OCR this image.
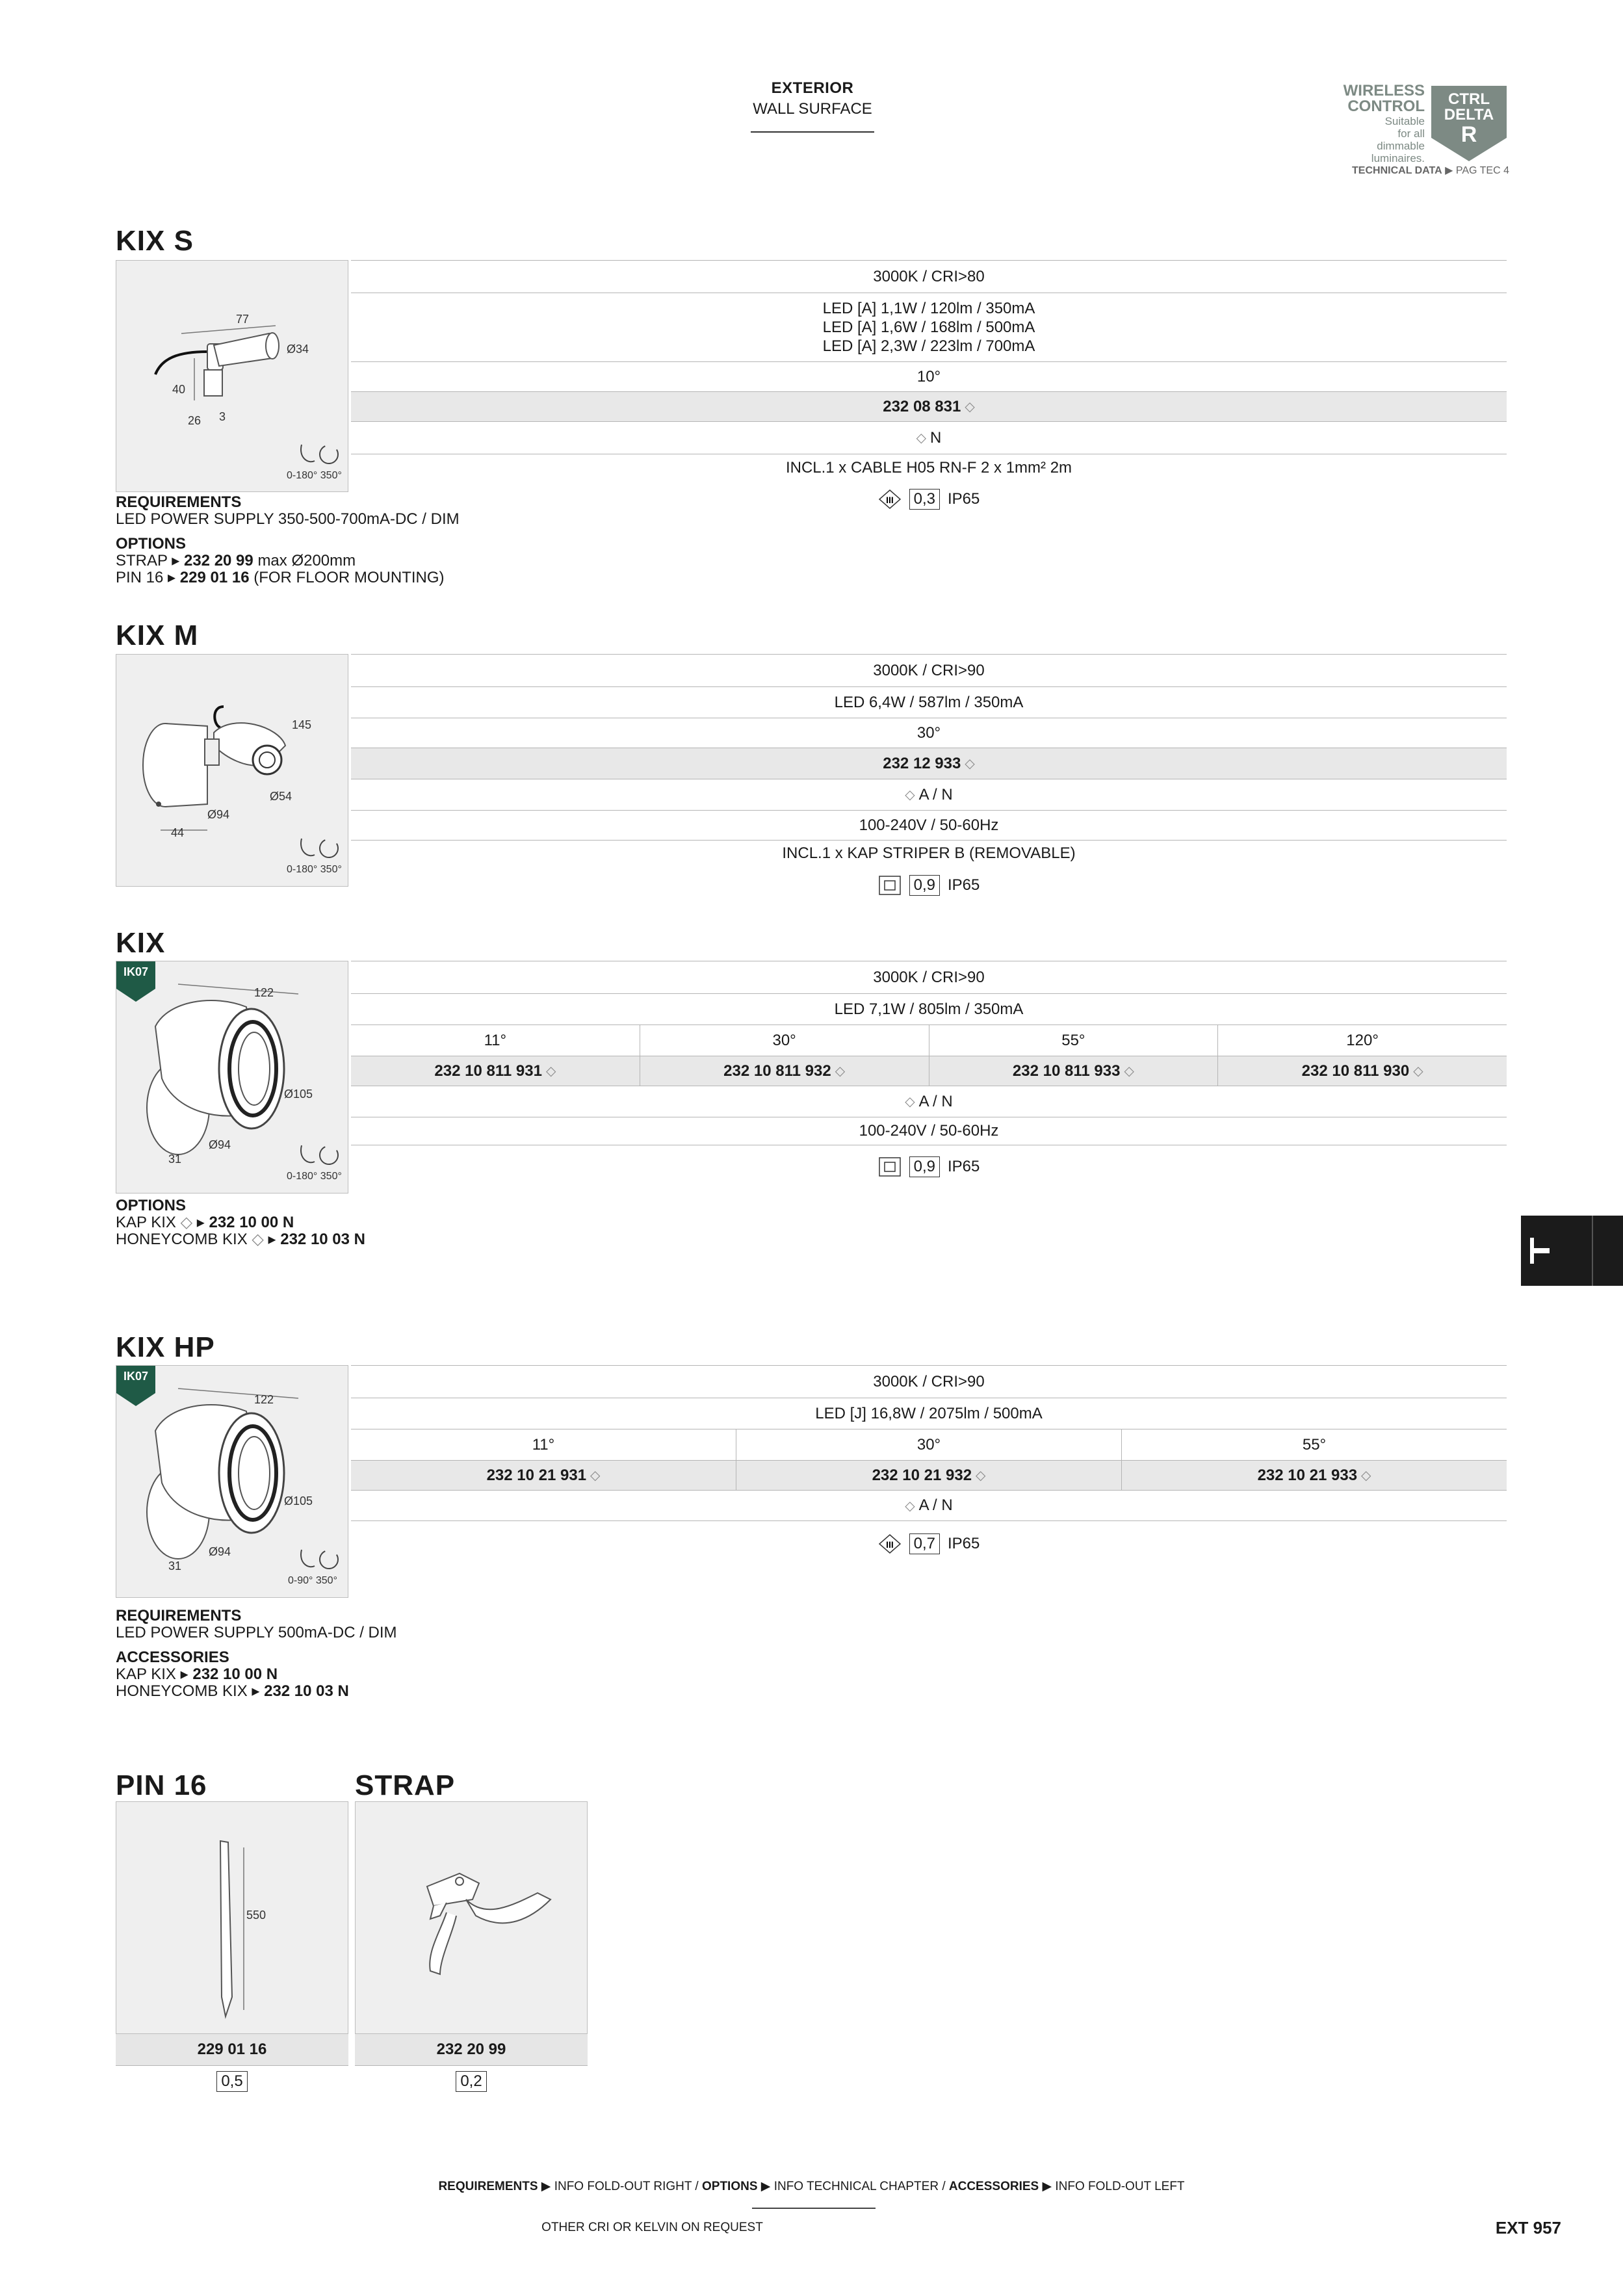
EXTERIOR
WALL SURFACE
WIRELESS
CONTROL
Suitable
for all
dimmable
luminaires.
CTRL
DELTA
R
TECHNICAL DATA ▶ PAG TEC 4
KIX S
77
Ø34
40
26 3
0-180° 350°
3000K / CRI>80
LED [A] 1,1W / 120lm / 350mA
LED [A] 1,6W / 168lm / 500mA
LED [A] 2,3W / 223lm / 700mA
10°
232 08 831 ◇
◇ N
INCL.1 x CABLE H05 RN-F 2 x 1mm² 2m
III 0,3 IP65
REQUIREMENTS
LED POWER SUPPLY 350-500-700mA-DC / DIM
OPTIONS
STRAP ▸ 232 20 99 max Ø200mm
PIN 16 ▸ 229 01 16 (FOR FLOOR MOUNTING)
KIX M
145
Ø54
Ø94
44
0-180° 350°
3000K / CRI>90
LED 6,4W / 587lm / 350mA
30°
232 12 933 ◇
◇ A / N
100-240V / 50-60Hz
INCL.1 x KAP STRIPER B (REMOVABLE)
0,9 IP65
KIX
IK07
122
Ø105
Ø94
31
0-180° 350°
3000K / CRI>90
LED 7,1W / 805lm / 350mA
11°	30°	55°	120°
232 10 811 931 ◇	232 10 811 932 ◇	232 10 811 933 ◇	232 10 811 930 ◇
◇ A / N
100-240V / 50-60Hz
0,9 IP65
OPTIONS
KAP KIX ◇ ▸ 232 10 00 N
HONEYCOMB KIX ◇ ▸ 232 10 03 N
KIX HP
IK07
122
Ø105
Ø94
31
0-90° 350°
3000K / CRI>90
LED [J] 16,8W / 2075lm / 500mA
11°	30°	55°
232 10 21 931 ◇	232 10 21 932 ◇	232 10 21 933 ◇
◇ A / N
III 0,7 IP65
REQUIREMENTS
LED POWER SUPPLY 500mA-DC / DIM
ACCESSORIES
KAP KIX ▸ 232 10 00 N
HONEYCOMB KIX ▸ 232 10 03 N
PIN 16
550
229 01 16
0,5
STRAP
232 20 99
0,2
REQUIREMENTS ▶ INFO FOLD-OUT RIGHT / OPTIONS ▶ INFO TECHNICAL CHAPTER / ACCESSORIES ▶ INFO FOLD-OUT LEFT
OTHER CRI OR KELVIN ON REQUEST	EXT 957
